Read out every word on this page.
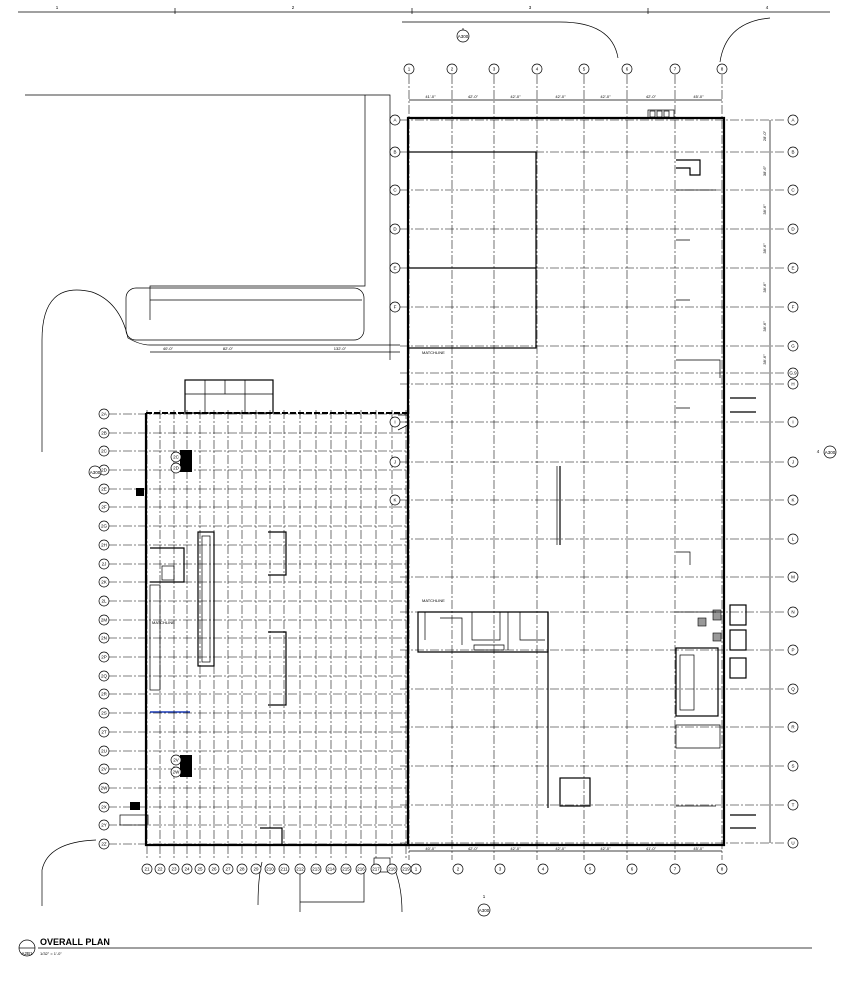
1	2	3	4
1	2	3	4	5	6	7	8
A
A
B
B
C
C
D
D
E
E
F
F
G
G.9
H
I
I
J
J
K
K
L
M
N
P
Q
R
S
T
U
2A
2B
2C
2D
2E
2F
2G
2H
2J
2K
2L
2M
2N
2P
2Q
2R
2S
2T
2U
2V
2W
2X
2Y
2Z
2C
2D
2V
2W
21 22 23 24 25 26 27 28 29 210 211 212 213 214 215 216 217 218 219 1	2	3	4	5	6	7	8
41'-0"	42'-0"	42'-0"	42'-0"	42'-0"	42'-0"	45'-0"
40'-0"	42'-0"	42'-0"	42'-0"	42'-0"	41'-0"	45'-0"
28'-0"
38'-6"
38'-6"
38'-6"
38'-6"
38'-6"
38'-6"
40'-0"	82'-0"	132'-0"
MATCHLINE
MATCHLINE
MATCHLINE
A300
A300
4
A300
1
A300
A2B1
OVERALL PLAN
1/32" = 1'-0"
